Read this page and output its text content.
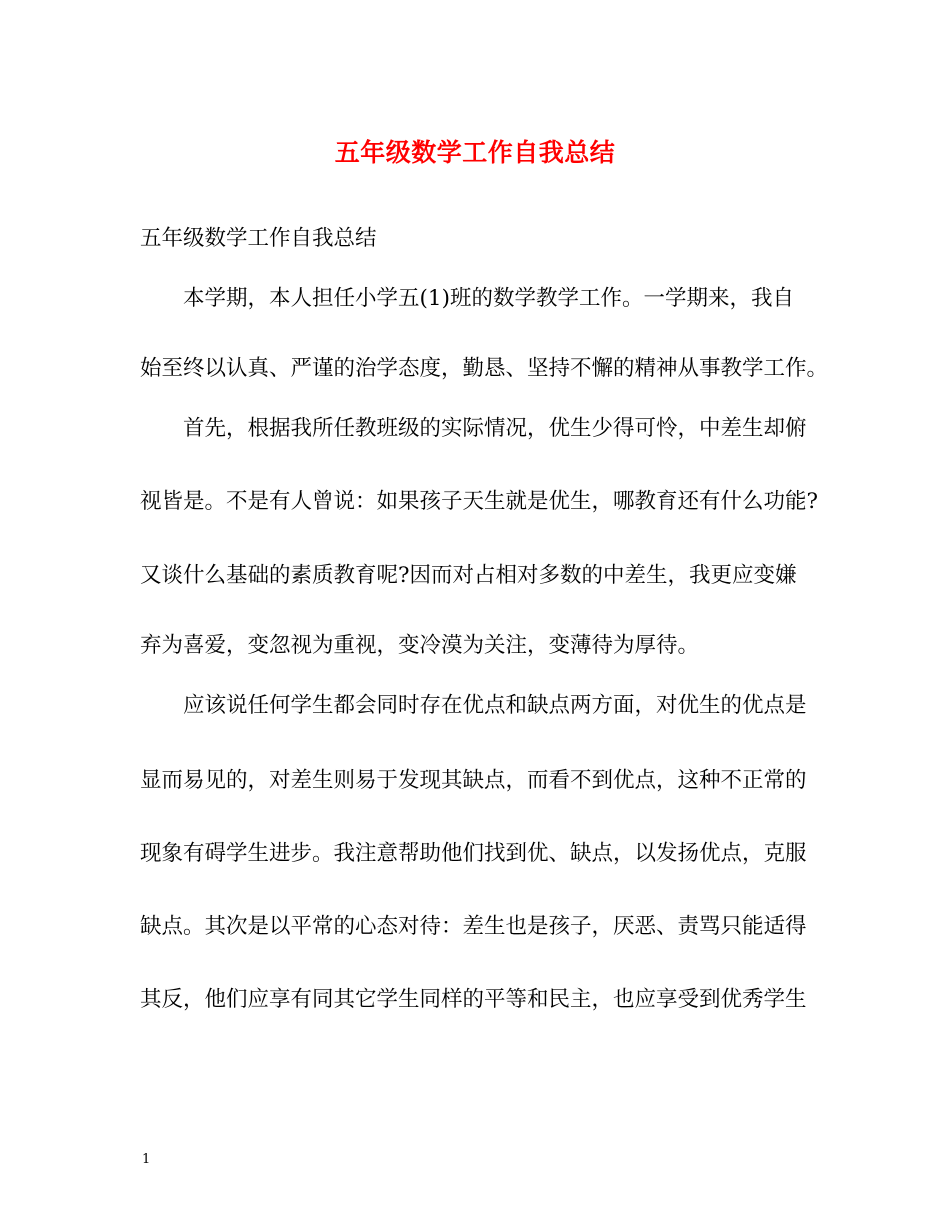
五年级数学工作自我总结
五年级数学工作自我总结
本学期，本人担任小学五(1)班的数学教学工作。一学期来，我自
始至终以认真、严谨的治学态度，勤恳、坚持不懈的精神从事教学工作。
首先，根据我所任教班级的实际情况，优生少得可怜，中差生却俯
视皆是。不是有人曾说：如果孩子天生就是优生，哪教育还有什么功能?
又谈什么基础的素质教育呢?因而对占相对多数的中差生，我更应变嫌
弃为喜爱，变忽视为重视，变冷漠为关注，变薄待为厚待。
应该说任何学生都会同时存在优点和缺点两方面，对优生的优点是
显而易见的，对差生则易于发现其缺点，而看不到优点，这种不正常的
现象有碍学生进步。我注意帮助他们找到优、缺点，以发扬优点，克服
缺点。其次是以平常的心态对待：差生也是孩子，厌恶、责骂只能适得
其反，他们应享有同其它学生同样的平等和民主，也应享受到优秀学生
1
